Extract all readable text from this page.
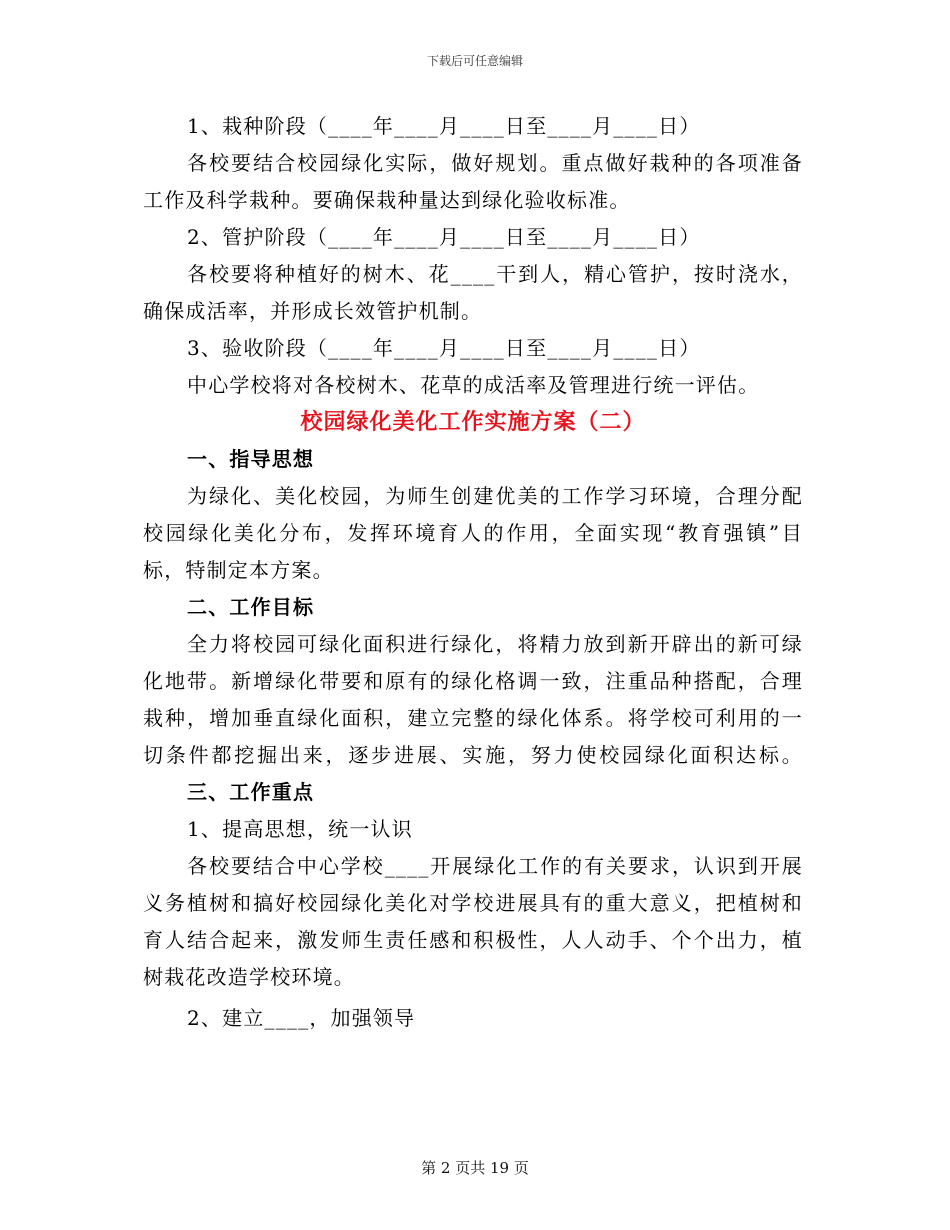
下载后可任意编辑
1、栽种阶段（____年____月____日至____月____日）
各校要结合校园绿化实际，做好规划。重点做好栽种的各项准备
工作及科学栽种。要确保栽种量达到绿化验收标准。
2、管护阶段（____年____月____日至____月____日）
各校要将种植好的树木、花____干到人，精心管护，按时浇水，
确保成活率，并形成长效管护机制。
3、验收阶段（____年____月____日至____月____日）
中心学校将对各校树木、花草的成活率及管理进行统一评估。
校园绿化美化工作实施方案（二）
一、指导思想
为绿化、美化校园，为师生创建优美的工作学习环境，合理分配
校园绿化美化分布，发挥环境育人的作用，全面实现“教育强镇”目
标，特制定本方案。
二、工作目标
全力将校园可绿化面积进行绿化，将精力放到新开辟出的新可绿
化地带。新增绿化带要和原有的绿化格调一致，注重品种搭配，合理
栽种，增加垂直绿化面积，建立完整的绿化体系。将学校可利用的一
切条件都挖掘出来，逐步进展、实施，努力使校园绿化面积达标。
三、工作重点
1、提高思想，统一认识
各校要结合中心学校____开展绿化工作的有关要求，认识到开展
义务植树和搞好校园绿化美化对学校进展具有的重大意义，把植树和
育人结合起来，激发师生责任感和积极性，人人动手、个个出力，植
树栽花改造学校环境。
2、建立____，加强领导
第 2 页共 19 页
